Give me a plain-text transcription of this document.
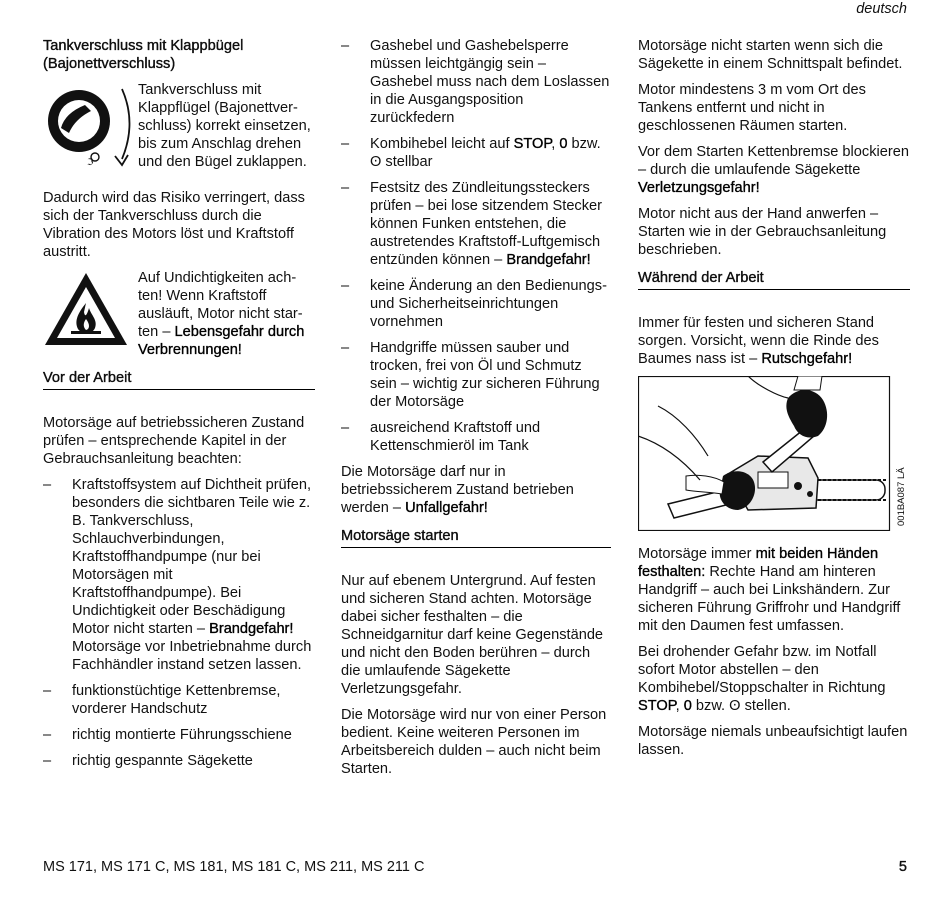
deutsch
Tankverschluss mit Klappbügel (Bajonettverschluss)
ℑ
Tankverschluss mit Klappflügel (Bajonettver-schluss) korrekt einsetzen, bis zum Anschlag drehen und den Bügel zuklappen.

Dadurch wird das Risiko verringert, dass sich der Tankverschluss durch die Vibration des Motors löst und Kraftstoff austritt.

Auf Undichtigkeiten ach-ten! Wenn Kraftstoff ausläuft, Motor nicht star-ten – Lebensgefahr durch Verbrennungen!
Vor der Arbeit

Motorsäge auf betriebssicheren Zustand prüfen – entsprechende Kapitel in der Gebrauchsanleitung beachten:

– Kraftstoffsystem auf Dichtheit prüfen, besonders die sichtbaren Teile wie z. B. Tankverschluss, Schlauchverbindungen, Kraftstoffhandpumpe (nur bei Motorsägen mit Kraftstoffhandpumpe). Bei Undichtigkeit oder Beschädigung Motor nicht starten – Brandgefahr! Motorsäge vor Inbetriebnahme durch Fachhändler instand setzen lassen.
– funktionstüchtige Kettenbremse, vorderer Handschutz
– richtig montierte Führungsschiene
– richtig gespannte Sägekette
– Gashebel und Gashebelsperre müssen leichtgängig sein – Gashebel muss nach dem Loslassen in die Ausgangsposition zurückfedern
– Kombihebel leicht auf STOP, 0 bzw. ʘ stellbar
– Festsitz des Zündleitungssteckers prüfen – bei lose sitzendem Stecker können Funken entstehen, die austretendes Kraftstoff-Luftgemisch entzünden können – Brandgefahr!
– keine Änderung an den Bedienungs- und Sicherheitseinrichtungen vornehmen
– Handgriffe müssen sauber und trocken, frei von Öl und Schmutz sein – wichtig zur sicheren Führung der Motorsäge
– ausreichend Kraftstoff und Kettenschmieröl im Tank

Die Motorsäge darf nur in betriebssicherem Zustand betrieben werden – Unfallgefahr!

Motorsäge starten

Nur auf ebenem Untergrund. Auf festen und sicheren Stand achten. Motorsäge dabei sicher festhalten – die Schneidgarnitur darf keine Gegenstände und nicht den Boden berühren – durch die umlaufende Sägekette Verletzungsgefahr.

Die Motorsäge wird nur von einer Person bedient. Keine weiteren Personen im Arbeitsbereich dulden – auch nicht beim Starten.

Motorsäge nicht starten wenn sich die Sägekette in einem Schnittspalt befindet.

Motor mindestens 3 m vom Ort des Tankens entfernt und nicht in geschlossenen Räumen starten.

Vor dem Starten Kettenbremse blockieren – durch die umlaufende Sägekette Verletzungsgefahr!

Motor nicht aus der Hand anwerfen – Starten wie in der Gebrauchsanleitung beschrieben.

Während der Arbeit

Immer für festen und sicheren Stand sorgen. Vorsicht, wenn die Rinde des Baumes nass ist – Rutschgefahr!

001BA087 LÄ

Motorsäge immer mit beiden Händen festhalten: Rechte Hand am hinteren Handgriff – auch bei Linkshändern. Zur sicheren Führung Griffrohr und Handgriff mit den Daumen fest umfassen.

Bei drohender Gefahr bzw. im Notfall sofort Motor abstellen – den Kombihebel/Stoppschalter in Richtung STOP, 0 bzw. ʘ stellen.

Motorsäge niemals unbeaufsichtigt laufen lassen.

MS 171, MS 171 C, MS 181, MS 181 C, MS 211, MS 211 C	5
